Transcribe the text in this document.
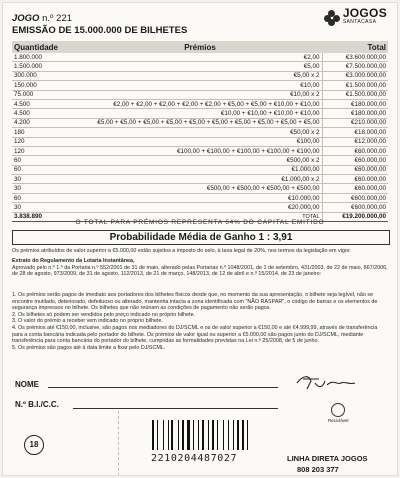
JOGO n.º 221
EMISSÃO DE 15.000.000 DE BILHETES
JOGOS
SANTACASA
Quantidade	Prémios	Total
1.800.000	€2,00	€3.600.000,00
1.500.000	€5,00	€7.500.000,00
300.000	€5,00 x 2	€3.000.000,00
150.000	€10,00	€1.500.000,00
75.000	€10,00 x 2	€1.500.000,00
4.500	€2,00 + €2,00 + €2,00 + €2,00 + €2,00 + €5,00 + €5,00 + €10,00 + €10,00	€180.000,00
4.500	€10,00 + €10,00 + €10,00 + €10,00	€180.000,00
4.200	€5,00 + €5,00 + €5,00 + €5,00 + €5,00 + €5,00 + €5,00 + €5,00 + €5,00 + €5,00	€210.000,00
180	€50,00 x 2	€18.000,00
120	€100,00	€12.000,00
120	€100,00 + €100,00 + €100,00 + €100,00 + €100,00	€60.000,00
60	€500,00 x 2	€60.000,00
60	€1.000,00	€60.000,00
30	€1.000,00 x 2	€60.000,00
30	€500,00 + €500,00 + €500,00 + €500,00	€60.000,00
60	€10.000,00	€600.000,00
30	€20.000,00	€600.000,00
3.838.890	TOTAL	€19.200.000,00
O TOTAL PARA PRÉMIOS REPRESENTA 64% DO CAPITAL EMITIDO
Probabilidade Média de Ganho 1 : 3,91
Os prémios atribuídos de valor superior a €5.000,00 estão sujeitos a imposto do selo, à taxa legal de 20%, nos termos da legislação em vigor.
Extrato do Regulamento da Lotaria Instantânea,
Aprovado pelo n.º 1.º da Portaria n.º 552/2001 de 31 de maio, alterado pelas Portarias n.º 1048/2001, de 1 de setembro, 431/2003, de 22 de maio, 867/2006, de 28 de agosto, 973/2009, de 31 de agosto, 112/2013, de 21 de março, 148/2013, de 12 de abril e n.º 15/2014, de 23 de janeiro:

1. Os prémios serão pagos de imediato aos portadores dos bilhetes físicos desde que, no momento da sua apresentação, o bilhete seja legível, não se encontre mutilado, deteriorado, defeituoso ou alterado, mantenha intacta a zona identificada com "NÃO RASPAR", o código de barras e os elementos de segurança impressos no bilhete. Os bilhetes que não reúnam as condições de pagamento não serão pagos.

2. Os bilhetes só podem ser vendidos pelo preço indicado no próprio bilhete.

3. O valor do prémio a receber vem indicado no próprio bilhete.

4. Os prémios até €150,00, inclusive, são pagos nos mediadores do DJ/SCML e os de valor superior a €150,00 e até €4.999,99, através de transferência para a conta bancária indicada pelo portador do bilhete. Os prémios de valor igual ou superior a €5.000,00 são pagos junto do DJ/SCML, mediante transferência para conta bancária do portador do bilhete, cumpridas as formalidades previstas na Lei n.º 25/2008, de 5 de junho.

5. Os prémios são pagos até à data limite a fixar pelo DJ/SCML.

NOME
N.º B.I./C.C.
Reciclável
18
2210204487027	LINHA DIRETA JOGOS
808 203 377
